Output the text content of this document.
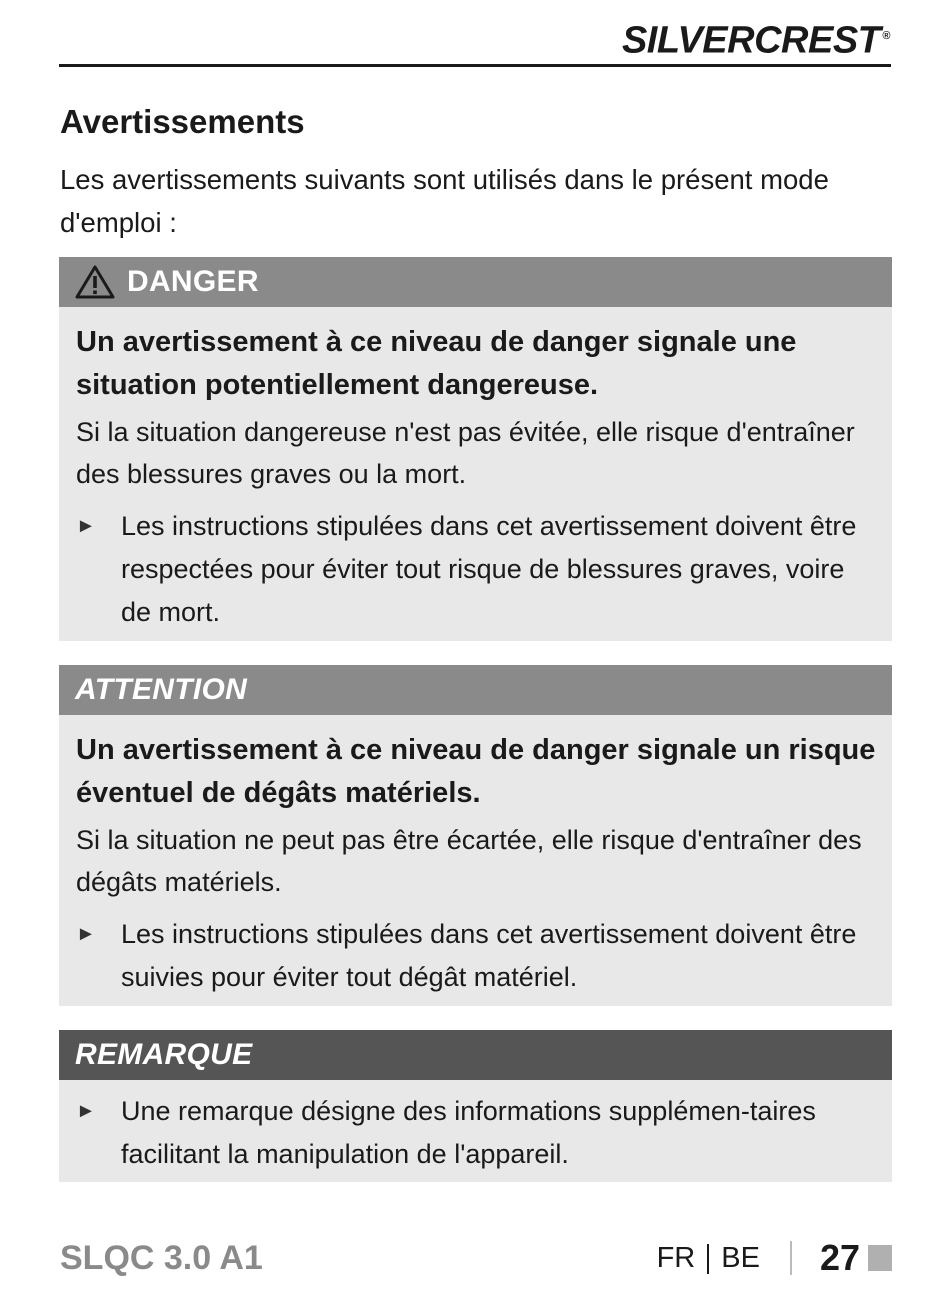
SILVERCREST ®
Avertissements

Les avertissements suivants sont utilisés dans le présent mode d'emploi :

DANGER

Un avertissement à ce niveau de danger signale une situation potentiellement dangereuse.

Si la situation dangereuse n'est pas évitée, elle risque d'entraîner des blessures graves ou la mort.

► Les instructions stipulées dans cet avertissement doivent être respectées pour éviter tout risque de blessures graves, voire de mort.
ATTENTION

Un avertissement à ce niveau de danger signale un risque éventuel de dégâts matériels.

Si la situation ne peut pas être écartée, elle risque d'entraîner des dégâts matériels.

► Les instructions stipulées dans cet avertissement doivent être suivies pour éviter tout dégât matériel.
REMARQUE
► Une remarque désigne des informations supplémen-taires facilitant la manipulation de l'appareil.
SLQC 3.0 A1	FR BE 27
